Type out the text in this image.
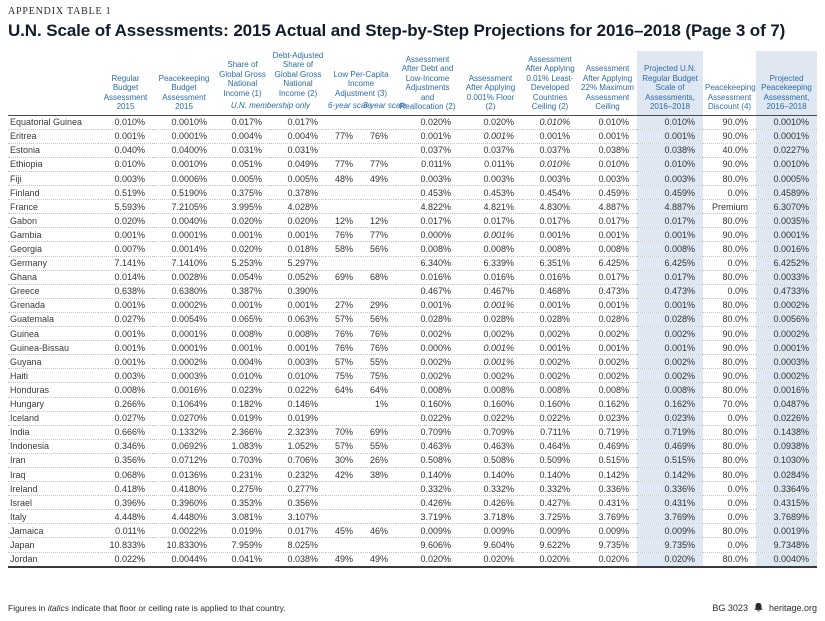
APPENDIX TABLE 1

U.N. Scale of Assessments: 2015 Actual and Step-by-Step Projections for 2016–2018 (Page 3 of 7)
	Regular Budget Assessment 2015	Peacekeeping Budget Assessment 2015	Share of Global Gross National Income (1)	Debt-Adjusted Share of Global Gross National Income (2)	Low Per-Capita Income Adjustment (3)		Assessment After Debt and Low-Income Adjustments and Reallocation (2)	Assessment After Applying 0.001% Floor (2)	Assessment After Applying 0.01% Least-Developed Countries Ceiling (2)	Assessment After Applying 22% Maximum Assessment Ceiling	Projected U.N. Regular Budget Scale of Assessments, 2016–2018	Peacekeeping Assessment Discount (4)	Projected Peacekeeping Assessment, 2016–2018
			U.N. membership only		6-year scale	3-year scale							
Equatorial Guinea	0.010%	0.0010%	0.017%	0.017%			0.020%	0.020%	0.010%	0.010%	0.010%	90.0%	0.0010%
Eritrea	0.001%	0.0001%	0.004%	0.004%	77%	76%	0.001%	0.001%	0.001%	0.001%	0.001%	90.0%	0.0001%
Estonia	0.040%	0.0400%	0.031%	0.031%			0.037%	0.037%	0.037%	0.038%	0.038%	40.0%	0.0227%
Ethiopia	0.010%	0.0010%	0.051%	0.049%	77%	77%	0.011%	0.011%	0.010%	0.010%	0.010%	90.0%	0.0010%
Fiji	0.003%	0.0006%	0.005%	0.005%	48%	49%	0.003%	0.003%	0.003%	0.003%	0.003%	80.0%	0.0005%
Finland	0.519%	0.5190%	0.375%	0.378%			0.453%	0.453%	0.454%	0.459%	0.459%	0.0%	0.4589%
France	5.593%	7.2105%	3.995%	4.028%			4.822%	4.821%	4.830%	4.887%	4.887%	Premium	6.3070%
Gabon	0.020%	0.0040%	0.020%	0.020%	12%	12%	0.017%	0.017%	0.017%	0.017%	0.017%	80.0%	0.0035%
Gambia	0.001%	0.0001%	0.001%	0.001%	76%	77%	0.000%	0.001%	0.001%	0.001%	0.001%	90.0%	0.0001%
Georgia	0.007%	0.0014%	0.020%	0.018%	58%	56%	0.008%	0.008%	0.008%	0.008%	0.008%	80.0%	0.0016%
Germany	7.141%	7.1410%	5.253%	5.297%			6.340%	6.339%	6.351%	6.425%	6.425%	0.0%	6.4252%
Ghana	0.014%	0.0028%	0.054%	0.052%	69%	68%	0.016%	0.016%	0.016%	0.017%	0.017%	80.0%	0.0033%
Greece	0.638%	0.6380%	0.387%	0.390%			0.467%	0.467%	0.468%	0.473%	0.473%	0.0%	0.4733%
Grenada	0.001%	0.0002%	0.001%	0.001%	27%	29%	0.001%	0.001%	0.001%	0.001%	0.001%	80.0%	0.0002%
Guatemala	0.027%	0.0054%	0.065%	0.063%	57%	56%	0.028%	0.028%	0.028%	0.028%	0.028%	80.0%	0.0056%
Guinea	0.001%	0.0001%	0.008%	0.008%	76%	76%	0.002%	0.002%	0.002%	0.002%	0.002%	90.0%	0.0002%
Guinea-Bissau	0.001%	0.0001%	0.001%	0.001%	76%	76%	0.000%	0.001%	0.001%	0.001%	0.001%	90.0%	0.0001%
Guyana	0.001%	0.0002%	0.004%	0.003%	57%	55%	0.002%	0.001%	0.002%	0.002%	0.002%	80.0%	0.0003%
Haiti	0.003%	0.0003%	0.010%	0.010%	75%	75%	0.002%	0.002%	0.002%	0.002%	0.002%	90.0%	0.0002%
Honduras	0.008%	0.0016%	0.023%	0.022%	64%	64%	0.008%	0.008%	0.008%	0.008%	0.008%	80.0%	0.0016%
Hungary	0.266%	0.1064%	0.182%	0.146%		1%	0.160%	0.160%	0.160%	0.162%	0.162%	70.0%	0.0487%
Iceland	0.027%	0.0270%	0.019%	0.019%			0.022%	0.022%	0.022%	0.023%	0.023%	0.0%	0.0226%
India	0.666%	0.1332%	2.366%	2.323%	70%	69%	0.709%	0.709%	0.711%	0.719%	0.719%	80.0%	0.1438%
Indonesia	0.346%	0.0692%	1.083%	1.052%	57%	55%	0.463%	0.463%	0.464%	0.469%	0.469%	80.0%	0.0938%
Iran	0.356%	0.0712%	0.703%	0.706%	30%	26%	0.508%	0.508%	0.509%	0.515%	0.515%	80.0%	0.1030%
Iraq	0.068%	0.0136%	0.231%	0.232%	42%	38%	0.140%	0.140%	0.140%	0.142%	0.142%	80.0%	0.0284%
Ireland	0.418%	0.4180%	0.275%	0.277%			0.332%	0.332%	0.332%	0.336%	0.336%	0.0%	0.3364%
Israel	0.396%	0.3960%	0.353%	0.356%			0.426%	0.426%	0.427%	0.431%	0.431%	0.0%	0.4315%
Italy	4.448%	4.4480%	3.081%	3.107%			3.719%	3.718%	3.725%	3.769%	3.769%	0.0%	3.7689%
Jamaica	0.011%	0.0022%	0.019%	0.017%	45%	46%	0.009%	0.009%	0.009%	0.009%	0.009%	80.0%	0.0019%
Japan	10.833%	10.8330%	7.959%	8.025%			9.606%	9.604%	9.622%	9.735%	9.735%	0.0%	9.7348%
Jordan	0.022%	0.0044%	0.041%	0.038%	49%	49%	0.020%	0.020%	0.020%	0.020%	0.020%	80.0%	0.0040%
Figures in italics indicate that floor or ceiling rate is applied to that country.	BG 3023 heritage.org
